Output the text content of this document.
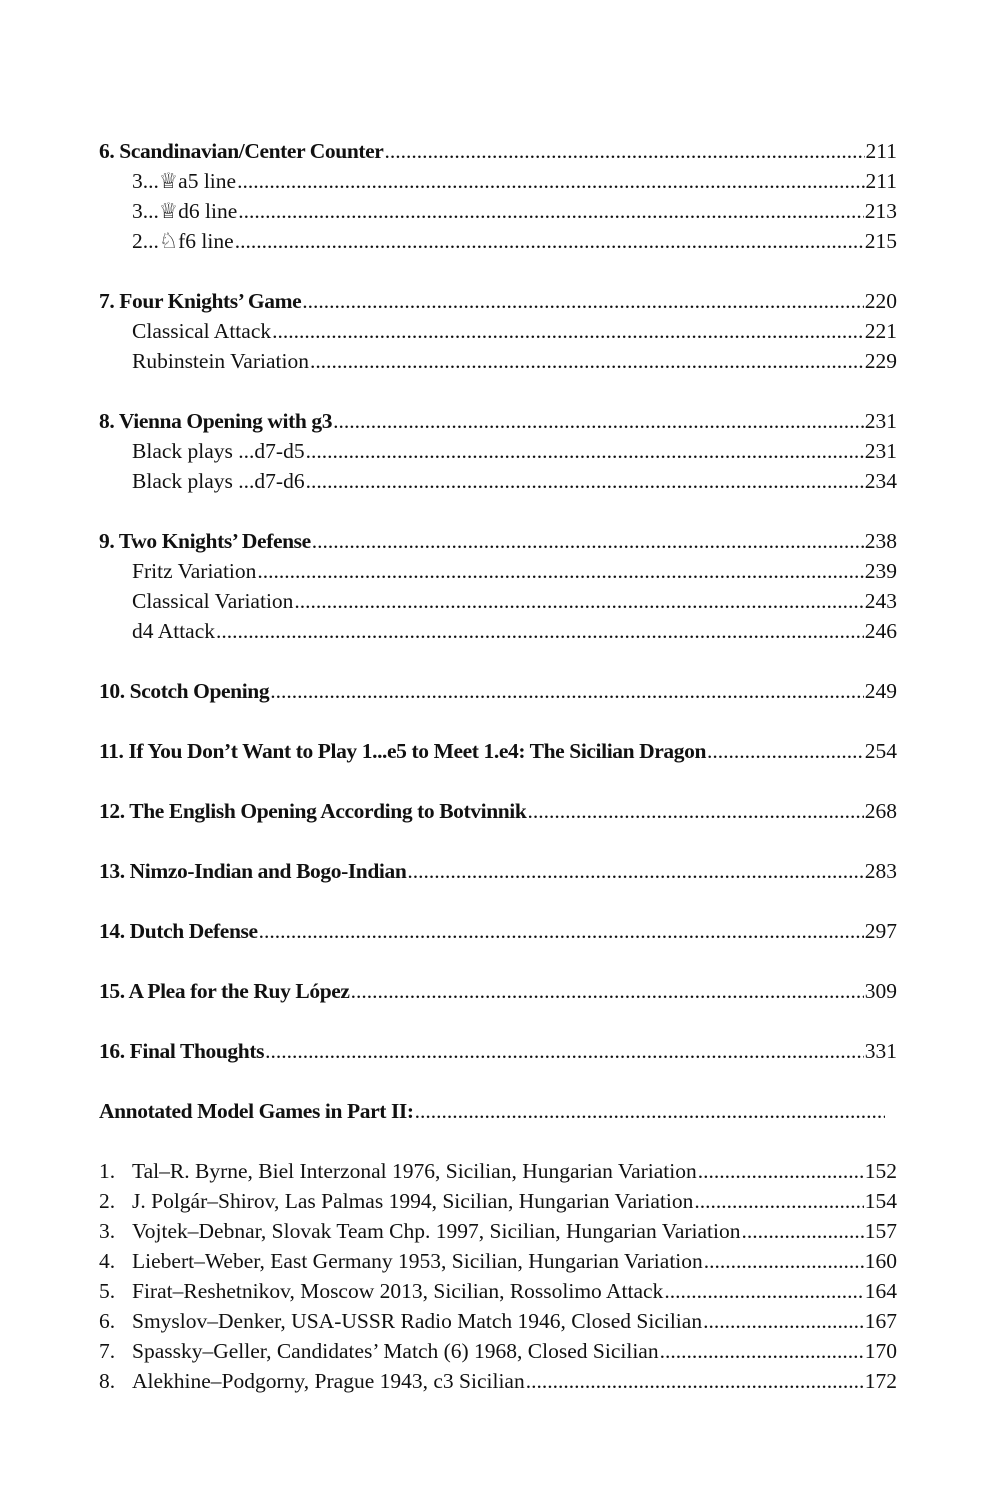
6. Scandinavian/Center Counter .....	211
3...♕a5 line .....	211
3...♕d6 line .....	213
2...♘f6 line .....	215
7. Four Knights’ Game .....	220
Classical Attack .....	221
Rubinstein Variation .....	229
8. Vienna Opening with g3 .....	231
Black plays ...d7-d5 .....	231
Black plays ...d7-d6 .....	234
9. Two Knights’ Defense .....	238
Fritz Variation .....	239
Classical Variation .....	243
d4 Attack .....	246
10. Scotch Opening .....	249
11. If You Don’t Want to Play 1...e5 to Meet 1.e4: The Sicilian Dragon .....	254
12. The English Opening According to Botvinnik .....	268
13. Nimzo-Indian and Bogo-Indian .....	283
14. Dutch Defense .....	297
15. A Plea for the Ruy López .....	309
16. Final Thoughts .....	331
Annotated Model Games in Part II:
.....

1. Tal–R. Byrne, Biel Interzonal 1976, Sicilian, Hungarian Variation .....	152
2. J. Polgár–Shirov, Las Palmas 1994, Sicilian, Hungarian Variation .....	154
3. Vojtek–Debnar, Slovak Team Chp. 1997, Sicilian, Hungarian Variation .....	157
4. Liebert–Weber, East Germany 1953, Sicilian, Hungarian Variation .....	160
5. Firat–Reshetnikov, Moscow 2013, Sicilian, Rossolimo Attack .....	164
6. Smyslov–Denker, USA-USSR Radio Match 1946, Closed Sicilian .....	167
7. Spassky–Geller, Candidates’ Match (6) 1968, Closed Sicilian .....	170
8. Alekhine–Podgorny, Prague 1943, c3 Sicilian .....	172
